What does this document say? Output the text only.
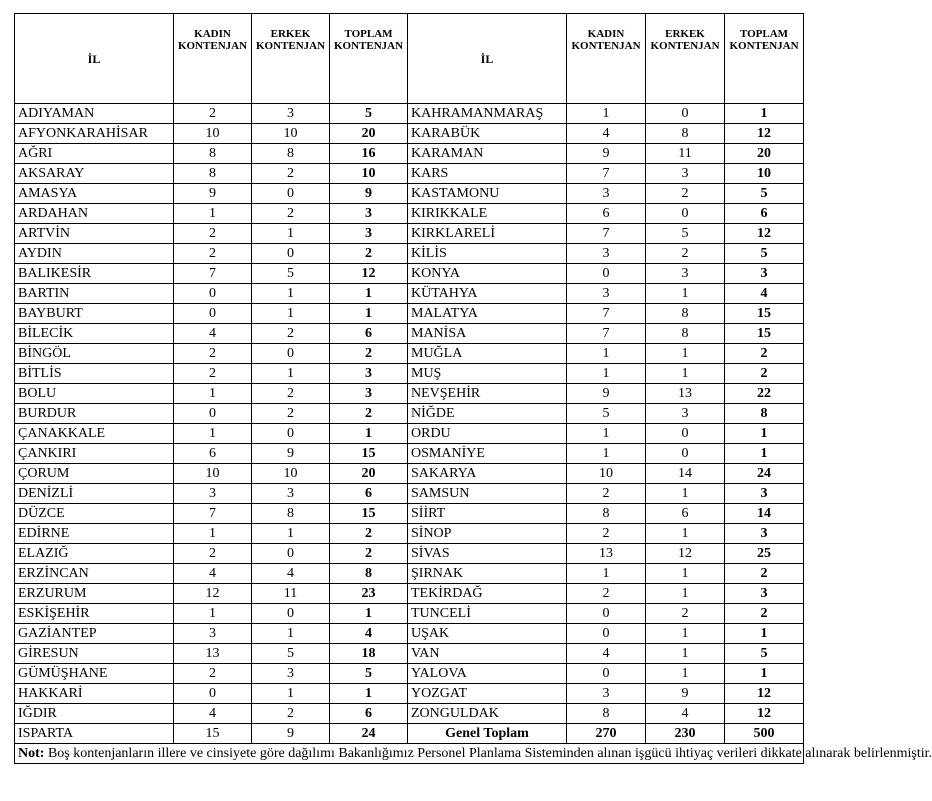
İL	KADIN KONTENJAN	ERKEK KONTENJAN	TOPLAM KONTENJAN	İL	KADIN KONTENJAN	ERKEK KONTENJAN	TOPLAM KONTENJAN
ADIYAMAN	2	3	5	KAHRAMANMARAŞ	1	0	1
AFYONKARAHİSAR	10	10	20	KARABÜK	4	8	12
AĞRI	8	8	16	KARAMAN	9	11	20
AKSARAY	8	2	10	KARS	7	3	10
AMASYA	9	0	9	KASTAMONU	3	2	5
ARDAHAN	1	2	3	KIRIKKALE	6	0	6
ARTVİN	2	1	3	KIRKLARELİ	7	5	12
AYDIN	2	0	2	KİLİS	3	2	5
BALIKESİR	7	5	12	KONYA	0	3	3
BARTIN	0	1	1	KÜTAHYA	3	1	4
BAYBURT	0	1	1	MALATYA	7	8	15
BİLECİK	4	2	6	MANİSA	7	8	15
BİNGÖL	2	0	2	MUĞLA	1	1	2
BİTLİS	2	1	3	MUŞ	1	1	2
BOLU	1	2	3	NEVŞEHİR	9	13	22
BURDUR	0	2	2	NİĞDE	5	3	8
ÇANAKKALE	1	0	1	ORDU	1	0	1
ÇANKIRI	6	9	15	OSMANİYE	1	0	1
ÇORUM	10	10	20	SAKARYA	10	14	24
DENİZLİ	3	3	6	SAMSUN	2	1	3
DÜZCE	7	8	15	SİİRT	8	6	14
EDİRNE	1	1	2	SİNOP	2	1	3
ELAZIĞ	2	0	2	SİVAS	13	12	25
ERZİNCAN	4	4	8	ŞIRNAK	1	1	2
ERZURUM	12	11	23	TEKİRDAĞ	2	1	3
ESKİŞEHİR	1	0	1	TUNCELİ	0	2	2
GAZİANTEP	3	1	4	UŞAK	0	1	1
GİRESUN	13	5	18	VAN	4	1	5
GÜMÜŞHANE	2	3	5	YALOVA	0	1	1
HAKKARİ	0	1	1	YOZGAT	3	9	12
IĞDIR	4	2	6	ZONGULDAK	8	4	12
ISPARTA	15	9	24	Genel Toplam	270	230	500
Not: Boş kontenjanların illere ve cinsiyete göre dağılımı Bakanlığımız Personel Planlama Sisteminden alınan işgücü ihtiyaç verileri dikkate alınarak belirlenmiştir.							
